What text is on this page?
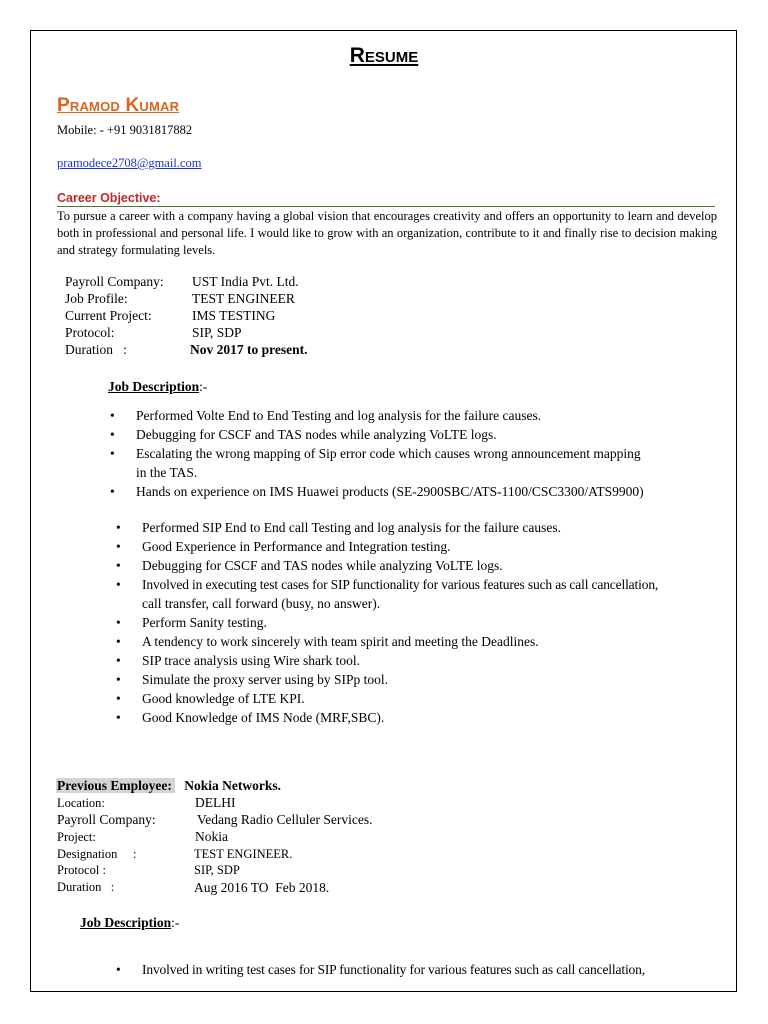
Resume
Pramod Kumar
Mobile: - +91 9031817882
pramodece2708@gmail.com
Career Objective:
To pursue a career with a company having a global vision that encourages creativity and offers an opportunity to learn and develop both in professional and personal life. I would like to grow with an organization, contribute to it and finally rise to decision making and strategy formulating levels.
Payroll Company: UST India Pvt. Ltd.
Job Profile:	TEST ENGINEER
Current Project:	IMS TESTING
Protocol:	SIP, SDP
Duration   :	Nov 2017 to present.
Job Description:-
• Performed Volte End to End Testing and log analysis for the failure causes.
• Debugging for CSCF and TAS nodes while analyzing VoLTE logs.
• Escalating the wrong mapping of Sip error code which causes wrong announcement mapping
in the TAS.
• Hands on experience on IMS Huawei products (SE-2900SBC/ATS-1100/CSC3300/ATS9900)
• Performed SIP End to End call Testing and log analysis for the failure causes.
• Good Experience in Performance and Integration testing.
• Debugging for CSCF and TAS nodes while analyzing VoLTE logs.
• Involved in executing test cases for SIP functionality for various features such as call cancellation,
call transfer, call forward (busy, no answer).
• Perform Sanity testing.
• A tendency to work sincerely with team spirit and meeting the Deadlines.
• SIP trace analysis using Wire shark tool.
• Simulate the proxy server using by SIPp tool.
• Good knowledge of LTE KPI.
• Good Knowledge of IMS Node (MRF,SBC).
Previous Employee: Nokia Networks.
Location:	DELHI
Payroll Company:	Vedang Radio Celluler Services.
Project:	Nokia
Designation     :	TEST ENGINEER.
Protocol :	SIP, SDP
Duration   :	Aug 2016 TO  Feb 2018.
Job Description:-
• Involved in writing test cases for SIP functionality for various features such as call cancellation,
